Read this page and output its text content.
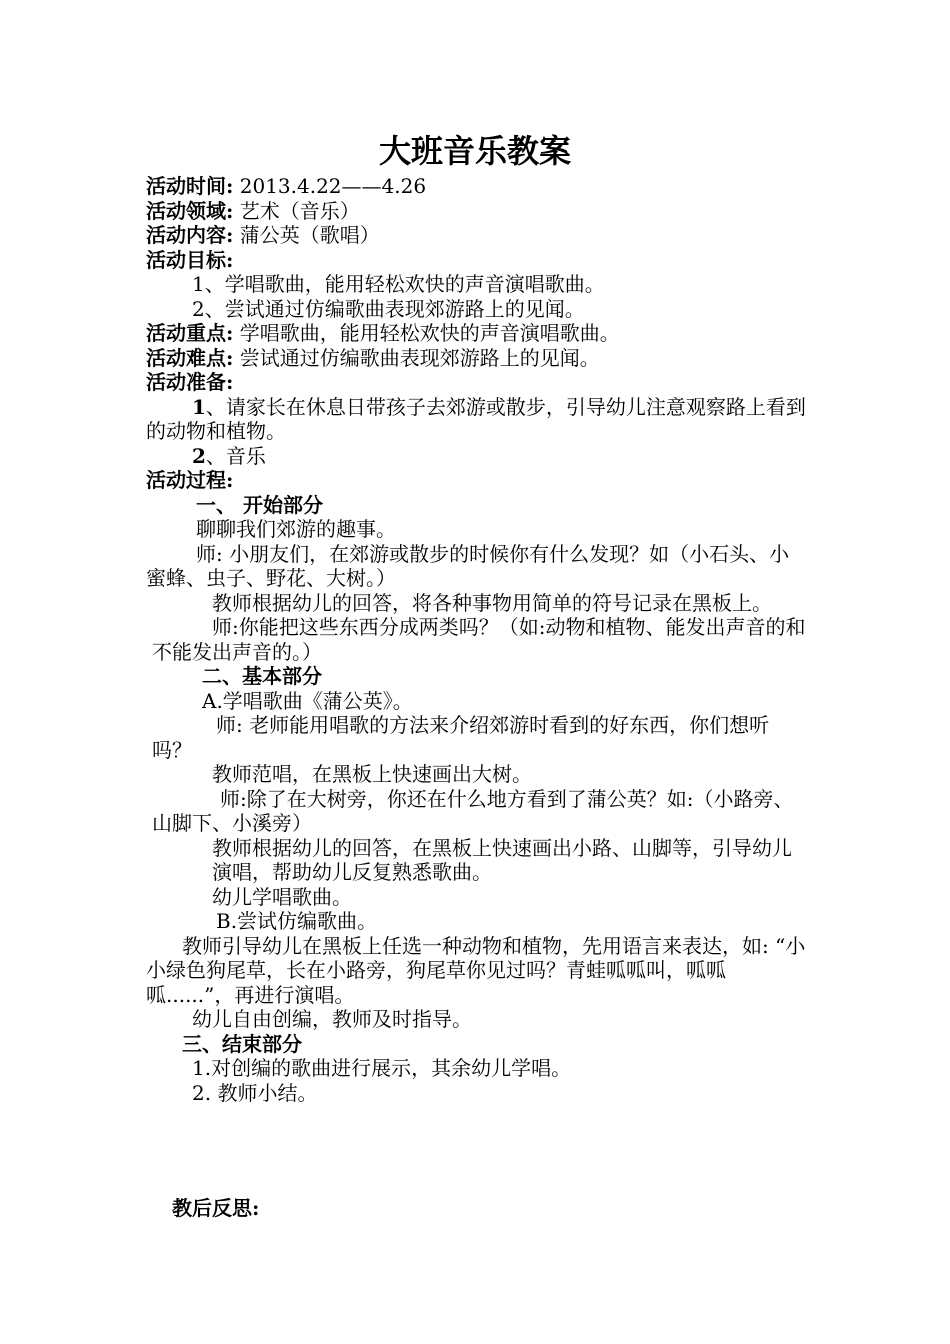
大班音乐教案
活动时间: 2013.4.22——4.26
活动领域: 艺术（音乐）
活动内容: 蒲公英（歌唱）
活动目标:
1、学唱歌曲，能用轻松欢快的声音演唱歌曲。
2、尝试通过仿编歌曲表现郊游路上的见闻。
活动重点: 学唱歌曲，能用轻松欢快的声音演唱歌曲。
活动难点: 尝试通过仿编歌曲表现郊游路上的见闻。
活动准备:
1、请家长在休息日带孩子去郊游或散步，引导幼儿注意观察路上看到的动物和植物。
2、音乐
活动过程:
一、 开始部分
聊聊我们郊游的趣事。
师: 小朋友们，在郊游或散步的时候你有什么发现？如（小石头、小蜜蜂、虫子、野花、大树。）
教师根据幼儿的回答，将各种事物用简单的符号记录在黑板上。
师:你能把这些东西分成两类吗？（如:动物和植物、能发出声音的和不能发出声音的。）
二、基本部分
A.学唱歌曲《蒲公英》。
师: 老师能用唱歌的方法来介绍郊游时看到的好东西，你们想听吗？
教师范唱，在黑板上快速画出大树。
师:除了在大树旁，你还在什么地方看到了蒲公英？如:（小路旁、山脚下、小溪旁）
教师根据幼儿的回答，在黑板上快速画出小路、山脚等，引导幼儿演唱，帮助幼儿反复熟悉歌曲。
幼儿学唱歌曲。
B.尝试仿编歌曲。
教师引导幼儿在黑板上任选一种动物和植物，先用语言来表达，如: “小小绿色狗尾草，长在小路旁，狗尾草你见过吗？青蛙呱呱叫，呱呱呱......”，再进行演唱。
幼儿自由创编，教师及时指导。
三、结束部分
1.对创编的歌曲进行展示，其余幼儿学唱。
2. 教师小结。
教后反思:
